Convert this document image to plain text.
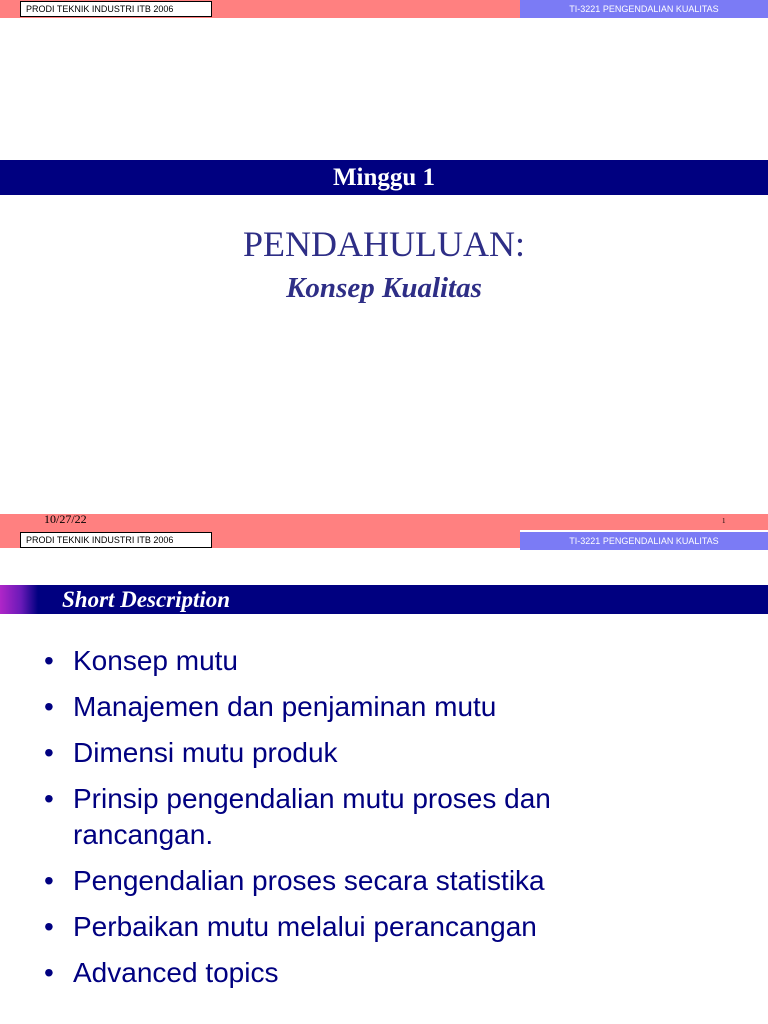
PRODI TEKNIK INDUSTRI ITB 2006	TI-3221 PENGENDALIAN KUALITAS
Minggu 1
PENDAHULUAN:
Konsep Kualitas
10/27/22	1
PRODI TEKNIK INDUSTRI ITB 2006	TI-3221 PENGENDALIAN KUALITAS
Short Description
• Konsep mutu
• Manajemen dan penjaminan mutu
• Dimensi mutu produk
• Prinsip pengendalian mutu proses dan rancangan.
• Pengendalian proses secara statistika
• Perbaikan mutu melalui perancangan
• Advanced topics
